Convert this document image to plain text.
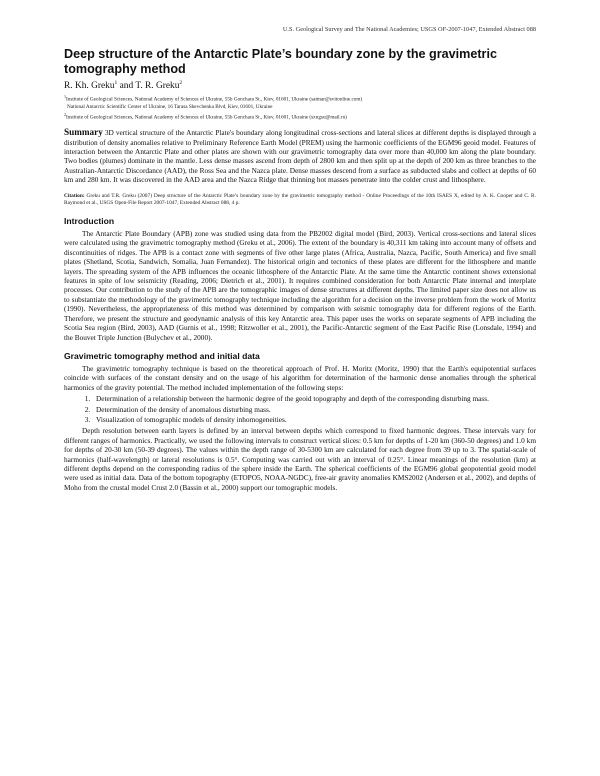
U.S. Geological Survey and The National Academies; USGS OF-2007-1047, Extended Abstract 088
Deep structure of the Antarctic Plate’s boundary zone by the gravimetric tomography method
R. Kh. Greku$^1$ and T. R. Greku$^2$
$^1$Institute of Geological Sciences, National Academy of Sciences of Ukraine, 55b Gonchara St., Kiev, 01601, Ukraine (satmar@svitonline.com)
National Antarctic Scientific Center of Ukraine, 16 Tarasa Shevchenka Blvd, Kiev, 01601, Ukraine
$^2$Institute of Geological Sciences, National Academy of Sciences of Ukraine, 55b Gonchara St., Kiev, 01601, Ukraine (sxngsu@mail.ru)
Summary 3D vertical structure of the Antarctic Plate's boundary along longitudinal cross-sections and lateral slices at different depths is displayed through a distribution of density anomalies relative to Preliminary Reference Earth Model (PREM) using the harmonic coefficients of the EGM96 geoid model. Features of interaction between the Antarctic Plate and other plates are shown with our gravimetric tomography data over more than 40,000 km along the plate boundary. Two bodies (plumes) dominate in the mantle. Less dense masses ascend from depth of 2800 km and then split up at the depth of 200 km as three branches to the Australian-Antarctic Discordance (AAD), the Ross Sea and the Nazca plate. Dense masses descend from a surface as subducted slabs and collect at depths of 60 km and 280 km. It was discovered in the AAD area and the Nazca Ridge that thinning hot masses penetrate into the colder crust and lithosphere.
Citation: Greku and T.R. Greku (2007) Deep structure of the Antarctic Plate’s boundary zone by the gravimetric tomography method - Online Proceedings of the 10th ISAES X, edited by A. K. Cooper and C. R. Raymond et al., USGS Open-File Report 2007-1047, Extended Abstract 088, 4 p.
Introduction

The Antarctic Plate Boundary (APB) zone was studied using data from the PB2002 digital model (Bird, 2003). Vertical cross-sections and lateral slices were calculated using the gravimetric tomography method (Greku et al., 2006). The extent of the boundary is 40,311 km taking into account many of offsets and discontinuities of ridges. The APB is a contact zone with segments of five other large plates (Africa, Australia, Nazca, Pacific, South America) and five small plates (Shetland, Scotia, Sandwich, Somalia, Juan Fernandez). The historical origin and tectonics of these plates are different for the lithosphere and mantle layers. The spreading system of the APB influences the oceanic lithosphere of the Antarctic Plate. At the same time the Antarctic continent shows extensional features in spite of low seismicity (Reading, 2006; Dietrich et al., 2001). It requires combined consideration for both Antarctic Plate internal and interplate processes. Our contribution to the study of the APB are the tomographic images of dense structures at different depths. The limited paper size does not allow us to substantiate the methodology of the gravimetric tomography technique including the algorithm for a decision on the inverse problem from the work of Moritz (1990). Nevertheless, the appropriateness of this method was determined by comparison with seismic tomography data for different regions of the Earth. Therefore, we present the structure and geodynamic analysis of this key Antarctic area. This paper uses the works on separate segments of APB including the Scotia Sea region (Bird, 2003), AAD (Gurnis et al., 1998; Ritzwoller et al., 2001), the Pacific-Antarctic segment of the East Pacific Rise (Lonsdale, 1994) and the Bouvet Triple Junction (Bulychev et al., 2000).

Gravimetric tomography method and initial data

The gravimetric tomography technique is based on the theoretical approach of Prof. H. Moritz (Moritz, 1990) that the Earth's equipotential surfaces coincide with surfaces of the constant density and on the usage of his algorithm for determination of the harmonic dense anomalies through the spherical harmonics of the gravity potential. The method included implementation of the following steps:

1. Determination of a relationship between the harmonic degree of the geoid topography and depth of the corresponding disturbing mass.
2. Determination of the density of anomalous disturbing mass.
3. Visualization of tomographic models of density inhomogeneities.

Depth resolution between earth layers is defined by an interval between depths which correspond to fixed harmonic degrees. These intervals vary for different ranges of harmonics. Practically, we used the following intervals to construct vertical slices: 0.5 km for depths of 1-20 km (360-50 degrees) and 1.0 km for depths of 20-30 km (50-39 degrees). The values within the depth range of 30-5300 km are calculated for each degree from 39 up to 3. The spatial-scale of harmonics (half-wavelength) or lateral resolutions is 0.5°. Computing was carried out with an interval of 0.25°. Linear meanings of the resolution (km) at different depths depend on the corresponding radius of the sphere inside the Earth. The spherical coefficients of the EGM96 global geopotential geoid model were used as initial data. Data of the bottom topography (ETOPO5, NOAA-NGDC), free-air gravity anomalies KMS2002 (Andersen et al., 2002), and depths of Moho from the crustal model Crust 2.0 (Bassin et al., 2000) support our tomographic models.
